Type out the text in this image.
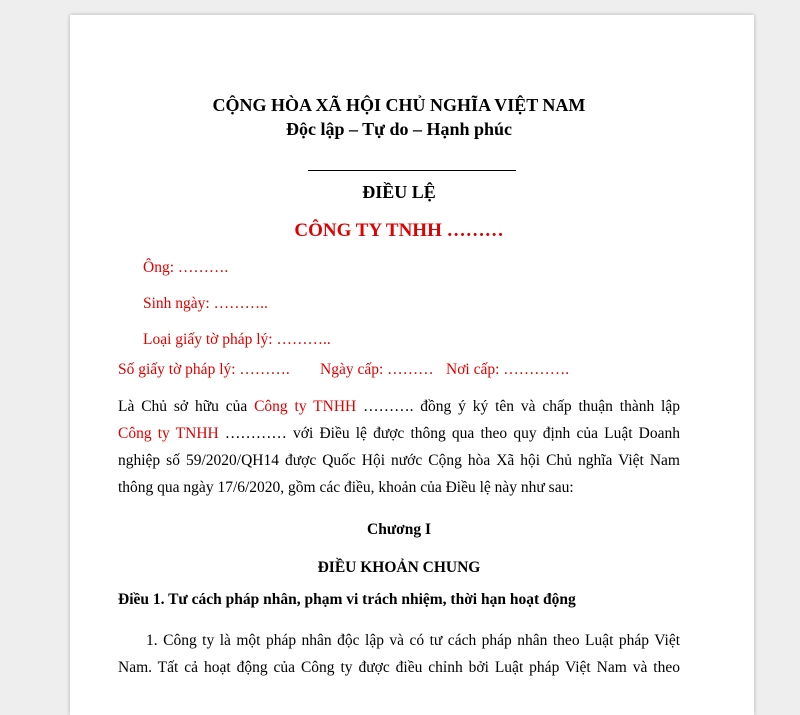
CỘNG HÒA XÃ HỘI CHỦ NGHĨA VIỆT NAM
Độc lập – Tự do – Hạnh phúc
ĐIỀU LỆ
CÔNG TY TNHH ………
Ông: ……….
Sinh ngày: ………..
Loại giấy tờ pháp lý: ………..
Số giấy tờ pháp lý: ………. Ngày cấp: ……… Nơi cấp: ………….
Là Chủ sở hữu của Công ty TNHH ………. đồng ý ký tên và chấp thuận thành lập
Công ty TNHH ………… với Điều lệ được thông qua theo quy định của Luật Doanh
nghiệp số 59/2020/QH14 được Quốc Hội nước Cộng hòa Xã hội Chủ nghĩa Việt Nam
thông qua ngày 17/6/2020, gồm các điều, khoản của Điều lệ này như sau:
Chương I
ĐIỀU KHOẢN CHUNG
Điều 1. Tư cách pháp nhân, phạm vi trách nhiệm, thời hạn hoạt động
1. Công ty là một pháp nhân độc lập và có tư cách pháp nhân theo Luật pháp Việt
Nam. Tất cả hoạt động của Công ty được điều chỉnh bởi Luật pháp Việt Nam và theo
